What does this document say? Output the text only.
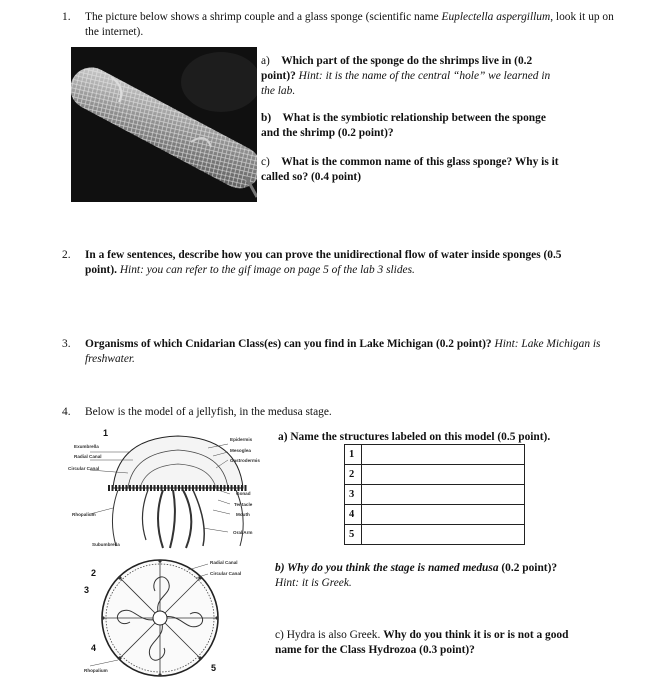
1. The picture below shows a shrimp couple and a glass sponge (scientific name Euplectella aspergillum, look it up on the internet).
a) Which part of the sponge do the shrimps live in (0.2 point)? Hint: it is the name of the central “hole” we learned in the lab.
b) What is the symbiotic relationship between the sponge and the shrimp (0.2 point)?
c) What is the common name of this glass sponge? Why is it called so? (0.4 point)
2. In a few sentences, describe how you can prove the unidirectional flow of water inside sponges (0.5 point). Hint: you can refer to the gif image on page 5 of the lab 3 slides.
3. Organisms of which Cnidarian Class(es) can you find in Lake Michigan (0.2 point)? Hint: Lake Michigan is freshwater.
4. Below is the model of a jellyfish, in the medusa stage.
1
Exumbrella
Radial Canal
Circular Canal
Rhopalium
Subumbrella
Epidermis
Mesoglea
Gastrodermis
Gonad
Tentacle
Mouth
Oral Arm
Radial Canal
Circular Canal
Rhopalium
2
3
4
5
a) Name the structures labeled on this model (0.5 point).
1	
2	
3	
4	
5	
b) Why do you think the stage is named medusa (0.2 point)? Hint: it is Greek.
c) Hydra is also Greek. Why do you think it is or is not a good name for the Class Hydrozoa (0.3 point)?
